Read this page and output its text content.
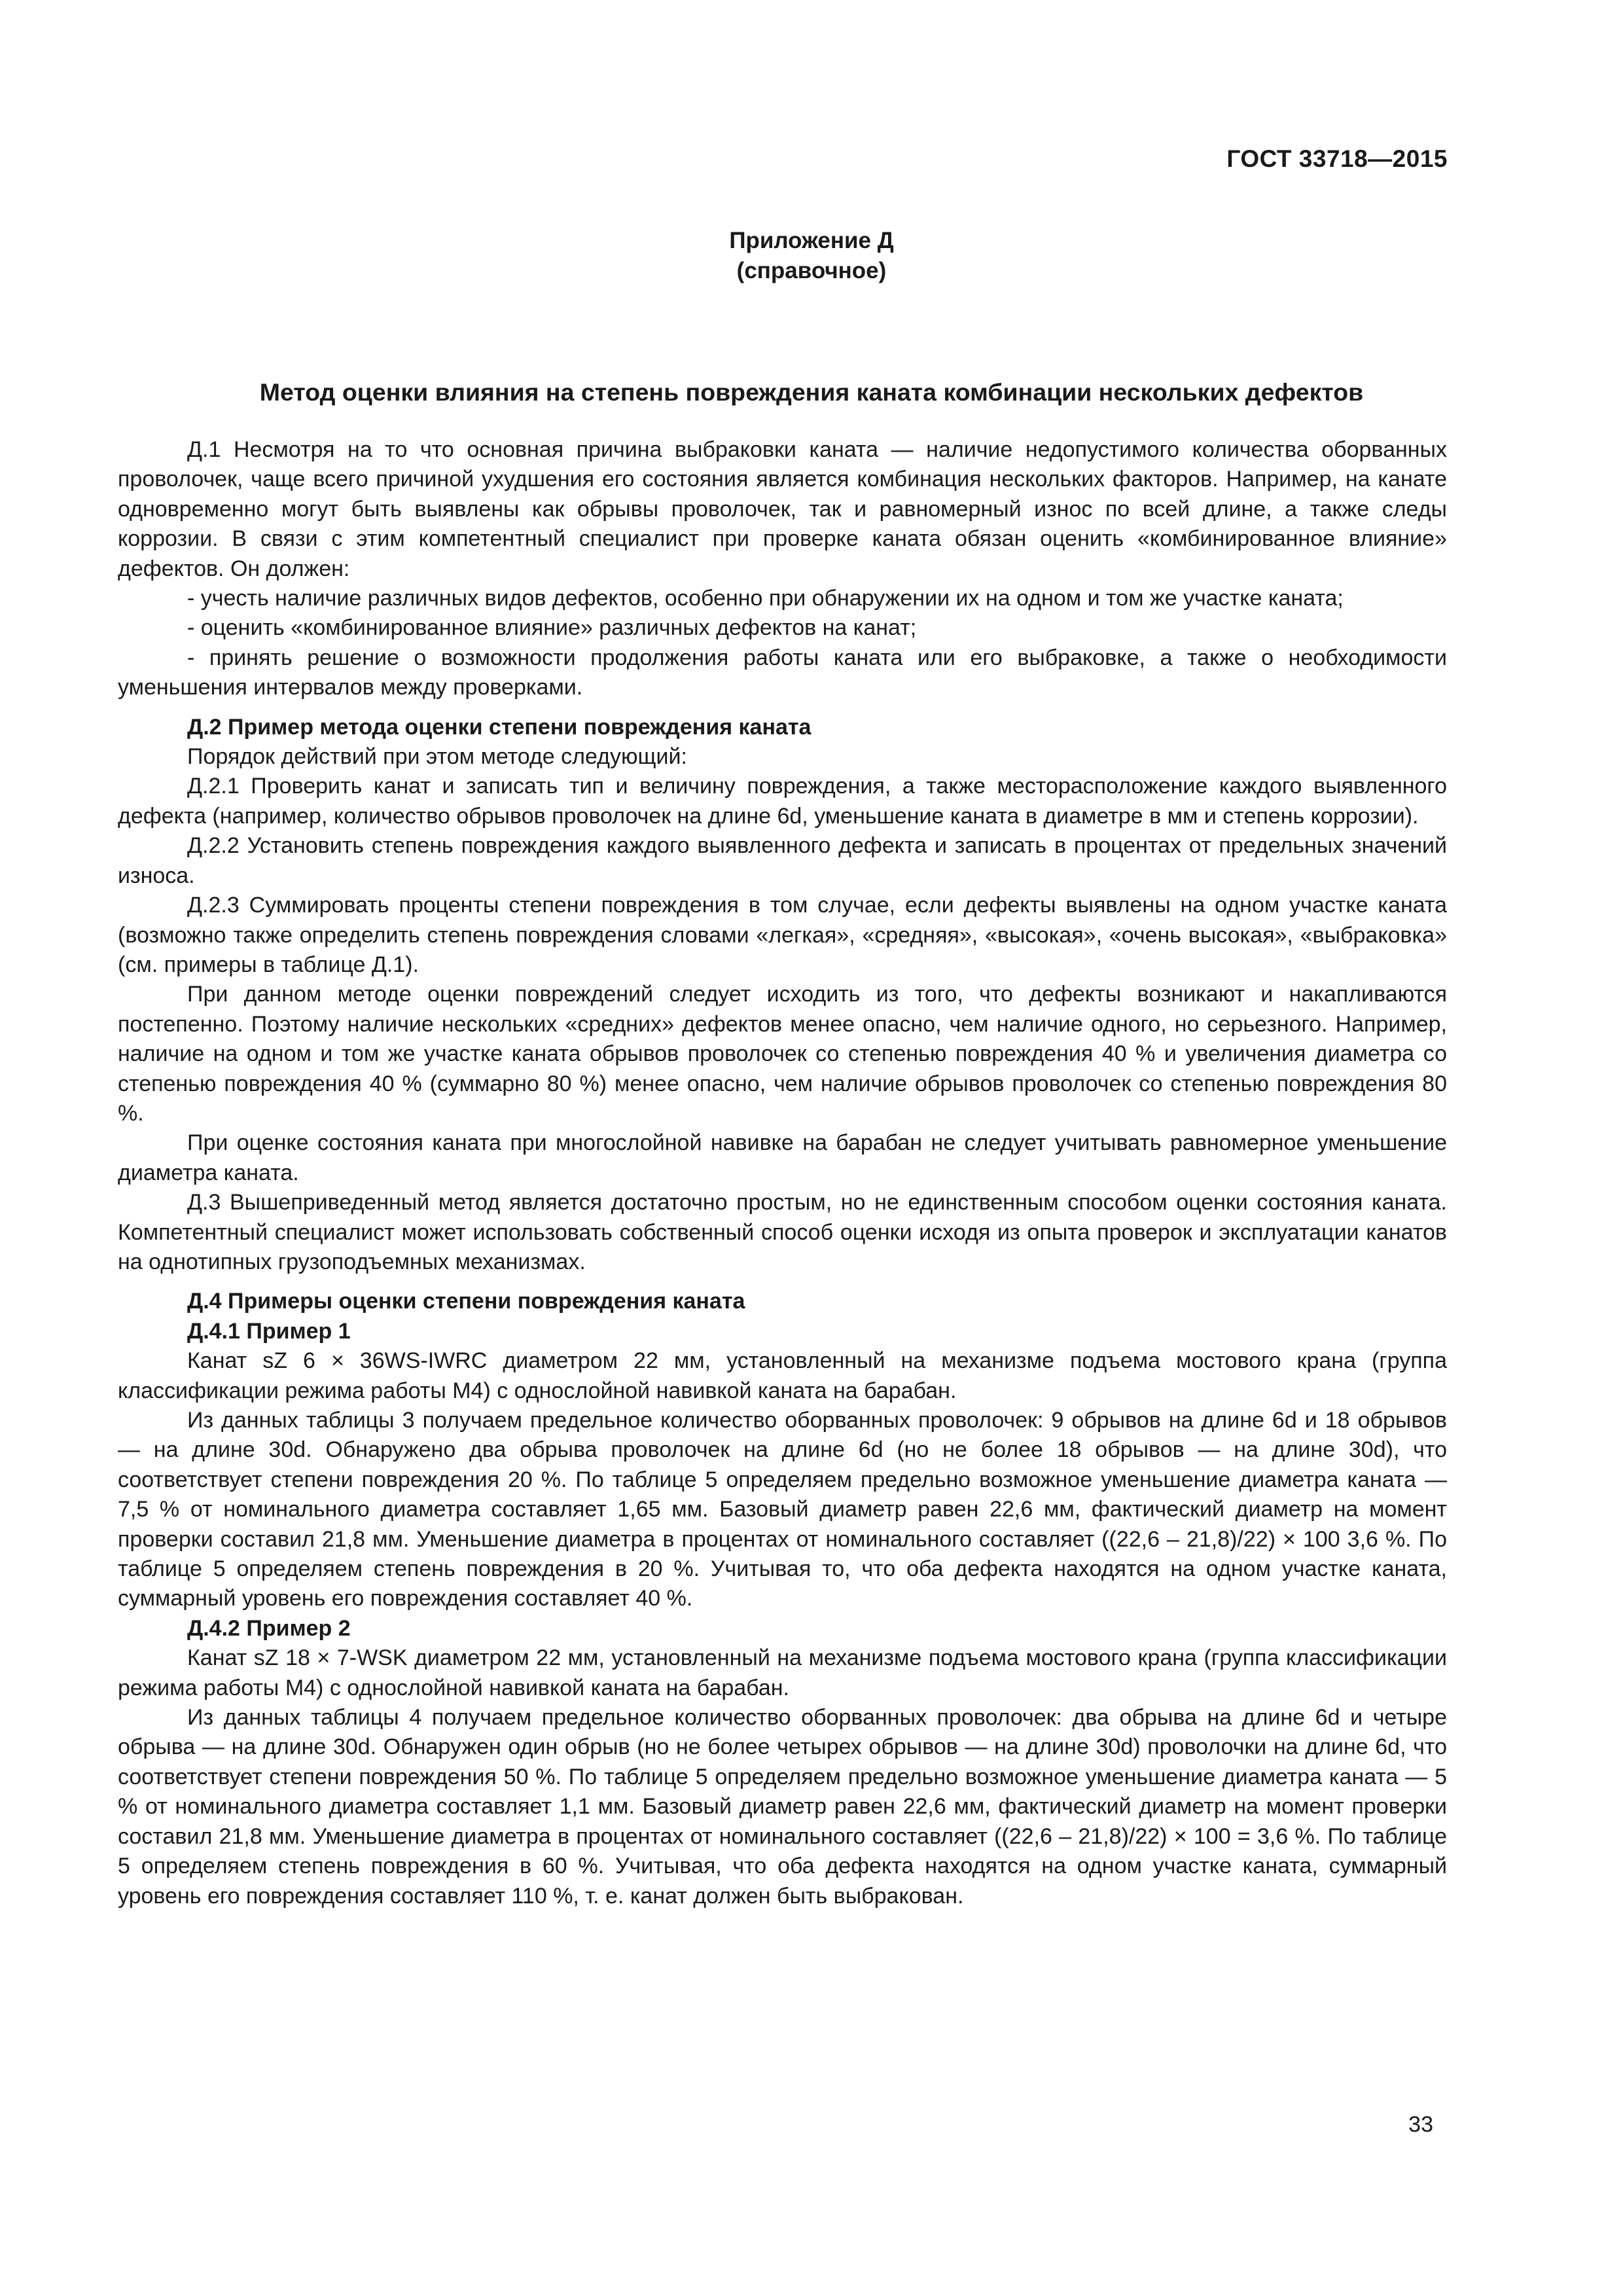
ГОСТ 33718—2015
Приложение Д
(справочное)
Метод оценки влияния на степень повреждения каната комбинации нескольких дефектов

Д.1 Несмотря на то что основная причина выбраковки каната — наличие недопустимого количества оборванных проволочек, чаще всего причиной ухудшения его состояния является комбинация нескольких факторов. Например, на канате одновременно могут быть выявлены как обрывы проволочек, так и равномерный износ по всей длине, а также следы коррозии. В связи с этим компетентный специалист при проверке каната обязан оценить «комбинированное влияние» дефектов. Он должен:

- учесть наличие различных видов дефектов, особенно при обнаружении их на одном и том же участке каната;

- оценить «комбинированное влияние» различных дефектов на канат;

- принять решение о возможности продолжения работы каната или его выбраковке, а также о необходимости уменьшения интервалов между проверками.

Д.2 Пример метода оценки степени повреждения каната

Порядок действий при этом методе следующий:

Д.2.1 Проверить канат и записать тип и величину повреждения, а также месторасположение каждого выявленного дефекта (например, количество обрывов проволочек на длине 6d, уменьшение каната в диаметре в мм и степень коррозии).

Д.2.2 Установить степень повреждения каждого выявленного дефекта и записать в процентах от предельных значений износа.

Д.2.3 Суммировать проценты степени повреждения в том случае, если дефекты выявлены на одном участке каната (возможно также определить степень повреждения словами «легкая», «средняя», «высокая», «очень высокая», «выбраковка» (см. примеры в таблице Д.1).

При данном методе оценки повреждений следует исходить из того, что дефекты возникают и накапливаются постепенно. Поэтому наличие нескольких «средних» дефектов менее опасно, чем наличие одного, но серьезного. Например, наличие на одном и том же участке каната обрывов проволочек со степенью повреждения 40 % и увеличения диаметра со степенью повреждения 40 % (суммарно 80 %) менее опасно, чем наличие обрывов проволочек со степенью повреждения 80 %.

При оценке состояния каната при многослойной навивке на барабан не следует учитывать равномерное уменьшение диаметра каната.

Д.3 Вышеприведенный метод является достаточно простым, но не единственным способом оценки состояния каната. Компетентный специалист может использовать собственный способ оценки исходя из опыта проверок и эксплуатации канатов на однотипных грузоподъемных механизмах.

Д.4 Примеры оценки степени повреждения каната

Д.4.1 Пример 1

Канат sZ 6 × 36WS-IWRC диаметром 22 мм, установленный на механизме подъема мостового крана (группа классификации режима работы М4) с однослойной навивкой каната на барабан.

Из данных таблицы 3 получаем предельное количество оборванных проволочек: 9 обрывов на длине 6d и 18 обрывов — на длине 30d. Обнаружено два обрыва проволочек на длине 6d (но не более 18 обрывов — на длине 30d), что соответствует степени повреждения 20 %. По таблице 5 определяем предельно возможное уменьшение диаметра каната — 7,5 % от номинального диаметра составляет 1,65 мм. Базовый диаметр равен 22,6 мм, фактический диаметр на момент проверки составил 21,8 мм. Уменьшение диаметра в процентах от номинального составляет ((22,6 – 21,8)/22) × 100 3,6 %. По таблице 5 определяем степень повреждения в 20 %. Учитывая то, что оба дефекта находятся на одном участке каната, суммарный уровень его повреждения составляет 40 %.

Д.4.2 Пример 2

Канат sZ 18 × 7-WSK диаметром 22 мм, установленный на механизме подъема мостового крана (группа классификации режима работы М4) с однослойной навивкой каната на барабан.

Из данных таблицы 4 получаем предельное количество оборванных проволочек: два обрыва на длине 6d и четыре обрыва — на длине 30d. Обнаружен один обрыв (но не более четырех обрывов — на длине 30d) проволочки на длине 6d, что соответствует степени повреждения 50 %. По таблице 5 определяем предельно возможное уменьшение диаметра каната — 5 % от номинального диаметра составляет 1,1 мм. Базовый диаметр равен 22,6 мм, фактический диаметр на момент проверки составил 21,8 мм. Уменьшение диаметра в процентах от номинального составляет ((22,6 – 21,8)/22) × 100 = 3,6 %. По таблице 5 определяем степень повреждения в 60 %. Учитывая, что оба дефекта находятся на одном участке каната, суммарный уровень его повреждения составляет 110 %, т. е. канат должен быть выбракован.

33
